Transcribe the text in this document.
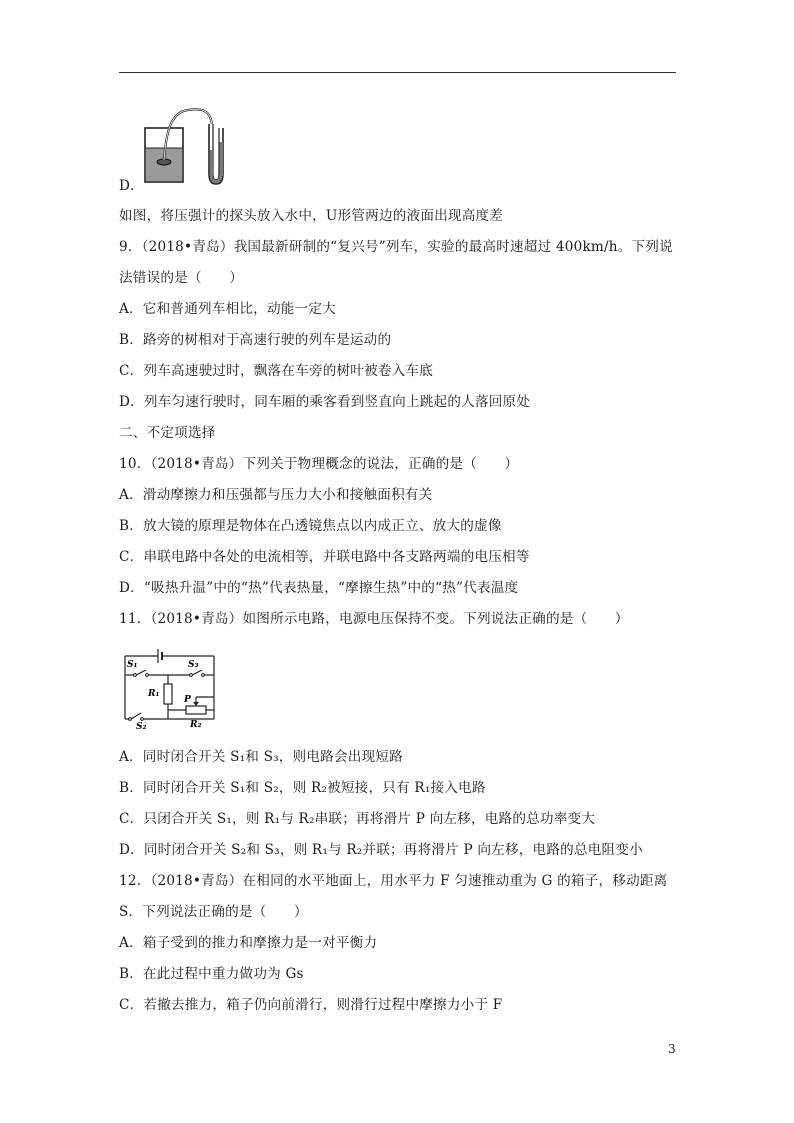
D．
如图，将压强计的探头放入水中，U形管两边的液面出现高度差
9．（2018•青岛）我国最新研制的“复兴号”列车，实验的最高时速超过 400km/h。下列说
法错误的是（　　）
A．它和普通列车相比，动能一定大
B．路旁的树相对于高速行驶的列车是运动的
C．列车高速驶过时，飘落在车旁的树叶被卷入车底
D．列车匀速行驶时，同车厢的乘客看到竖直向上跳起的人落回原处
二、不定项选择
10．（2018•青岛）下列关于物理概念的说法，正确的是（　　）
A．滑动摩擦力和压强都与压力大小和接触面积有关
B．放大镜的原理是物体在凸透镜焦点以内成正立、放大的虚像
C．串联电路中各处的电流相等，并联电路中各支路两端的电压相等
D．“吸热升温”中的“热”代表热量，“摩擦生热”中的“热”代表温度
11．（2018•青岛）如图所示电路，电源电压保持不变。下列说法正确的是（　　）
S₁	S₃
R₁
P
R₂
S₂
A．同时闭合开关 S₁和 S₃，则电路会出现短路
B．同时闭合开关 S₁和 S₂，则 R₂被短接，只有 R₁接入电路
C．只闭合开关 S₁，则 R₁与 R₂串联；再将滑片 P 向左移，电路的总功率变大
D．同时闭合开关 S₂和 S₃，则 R₁与 R₂并联；再将滑片 P 向左移，电路的总电阻变小
12．（2018•青岛）在相同的水平地面上，用水平力 F 匀速推动重为 G 的箱子，移动距离
S．下列说法正确的是（　　）
A．箱子受到的推力和摩擦力是一对平衡力
B．在此过程中重力做功为 Gs
C．若撤去推力，箱子仍向前滑行，则滑行过程中摩擦力小于 F
3
